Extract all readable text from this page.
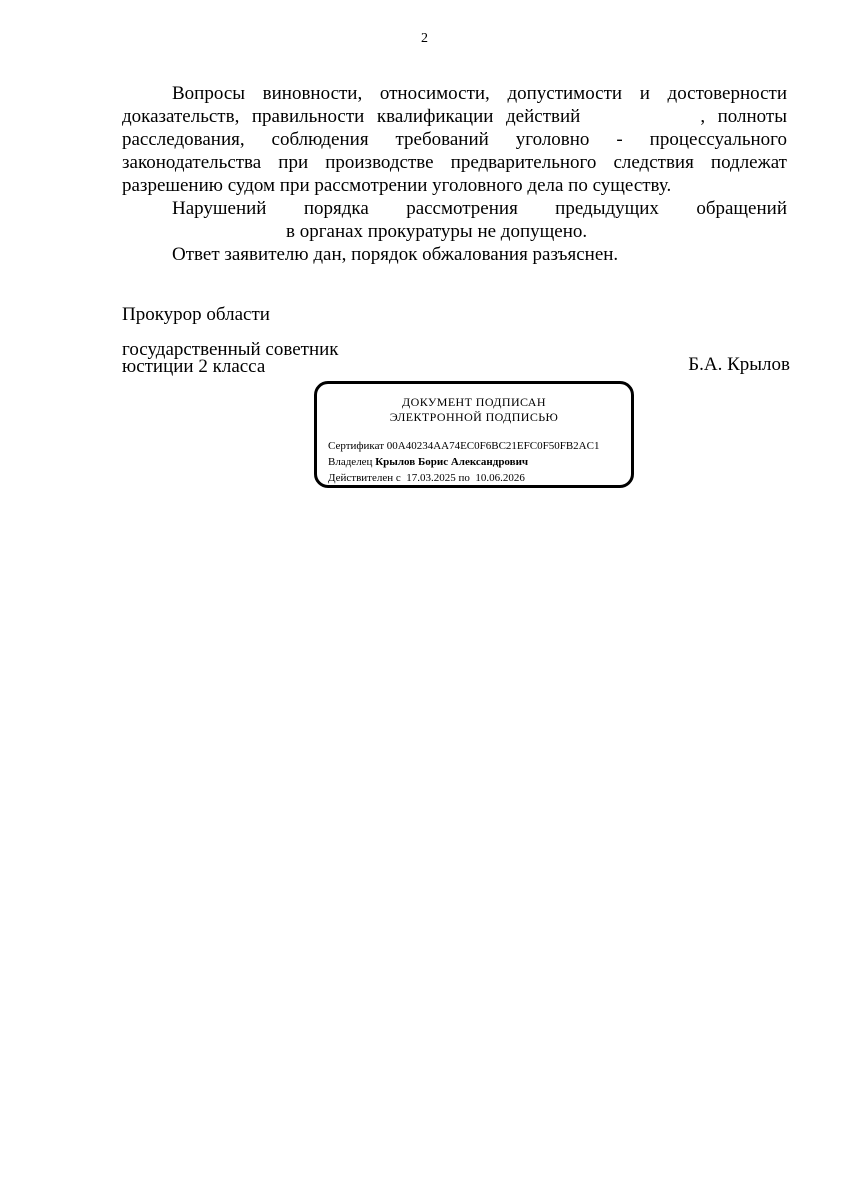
2

Вопросы виновности, относимости, допустимости и достоверности доказательств, правильности квалификации действий	, полноты расследования, соблюдения требований уголовно - процессуального законодательства при производстве предварительного следствия подлежат разрешению судом при рассмотрении уголовного дела по существу.

Нарушений порядка рассмотрения предыдущих обращений
в органах прокуратуры не допущено.

Ответ заявителю дан, порядок обжалования разъяснен.

Прокурор области
государственный советник
юстиции 2 класса	Б.А. Крылов
ДОКУМЕНТ ПОДПИСАН
ЭЛЕКТРОННОЙ ПОДПИСЬЮ
Сертификат 00A40234AA74EC0F6BC21EFC0F50FB2AC1
Владелец Крылов Борис Александрович
Действителен с 17.03.2025 по 10.06.2026
